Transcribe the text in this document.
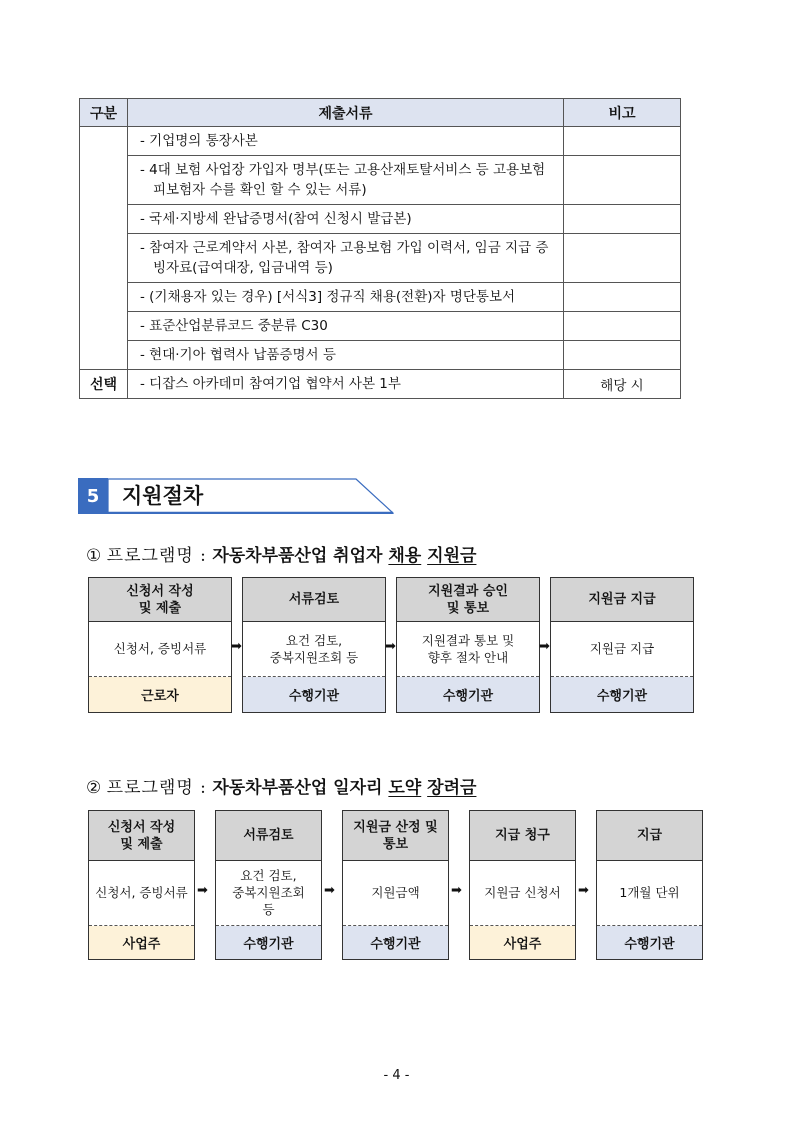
구분	제출서류	비고

	- 기업명의 통장사본	

	- 4대 보험 사업장 가입자 명부(또는 고용산재토탈서비스 등 고용보험 피보험자 수를 확인 할 수 있는 서류)	

	- 국세·지방세 완납증명서(참여 신청시 발급본)	

	- 참여자 근로계약서 사본, 참여자 고용보험 가입 이력서, 임금 지급 증빙자료(급여대장, 입금내역 등)	

	- (기채용자 있는 경우) [서식3] 정규직 채용(전환)자 명단통보서	

	- 표준산업분류코드 중분류 C30	

	- 현대·기아 협력사 납품증명서 등	

선택	- 디잡스 아카데미 참여기업 협약서 사본 1부	해당 시
5	지원절차
① 프로그램명 : 자동차부품산업 취업자 채용 지원금
② 프로그램명 : 자동차부품산업 일자리 도약 장려금
- 4 -
신청서 작성
및 제출
신청서, 증빙서류
근로자
➡
서류검토
요건 검토,
중복지원조회 등
수행기관
➡
지원결과 승인
및 통보
지원결과 통보 및
향후 절차 안내
수행기관
➡
지원금 지급
지원금 지급
수행기관
신청서 작성
및 제출
신청서, 증빙서류
사업주
➡
서류검토
요건 검토,
중복지원조회
등
수행기관
➡
지원금 산정 및
통보
지원금액
수행기관
➡
지급 청구
지원금 신청서
사업주
➡
지급
1개월 단위
수행기관
